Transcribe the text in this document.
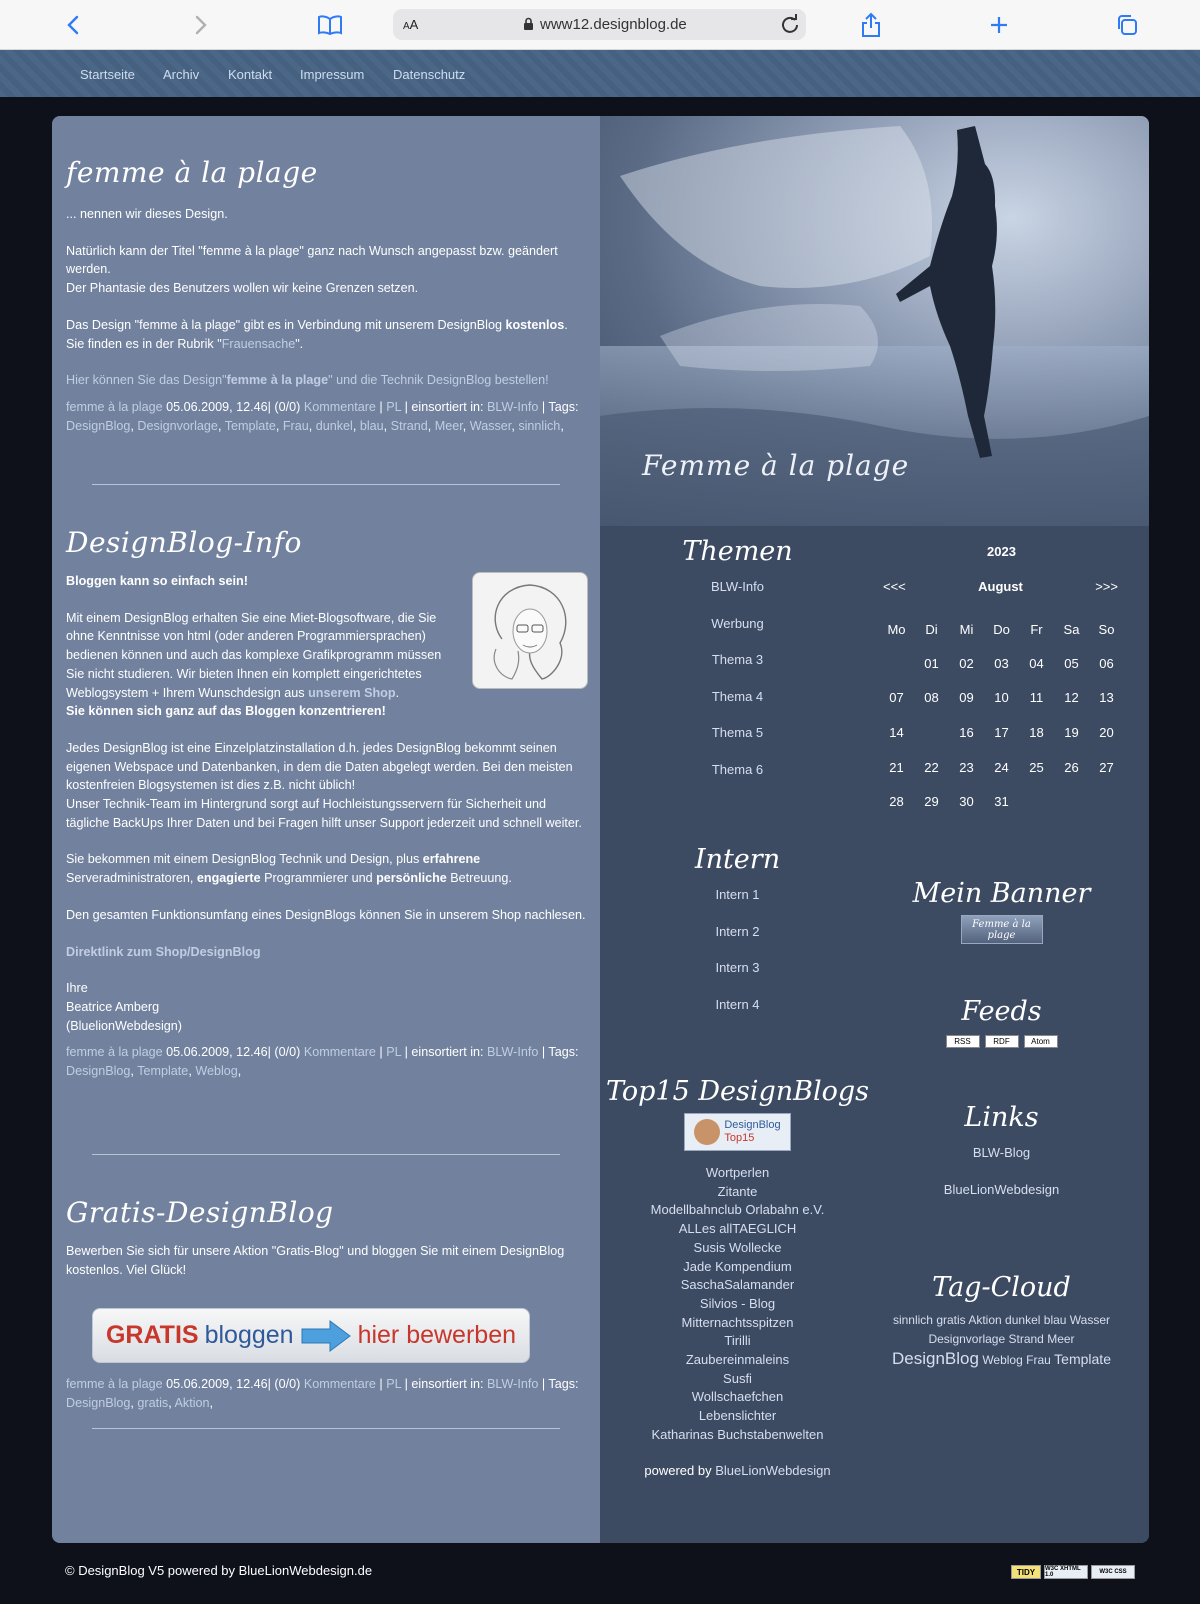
AA	www12.designblog.de
Startseite Archiv Kontakt Impressum Datenschutz
femme à la plage

... nennen wir dieses Design.

Natürlich kann der Titel "femme à la plage" ganz nach Wunsch angepasst bzw. geändert werden.
Der Phantasie des Benutzers wollen wir keine Grenzen setzen.

Das Design "femme à la plage" gibt es in Verbindung mit unserem DesignBlog kostenlos. Sie finden es in der Rubrik "Frauensache".

Hier können Sie das Design"femme à la plage" und die Technik DesignBlog bestellen!

femme à la plage 05.06.2009, 12.46| (0/0) Kommentare | PL | einsortiert in: BLW-Info | Tags: DesignBlog, Designvorlage, Template, Frau, dunkel, blau, Strand, Meer, Wasser, sinnlich,
DesignBlog-Info

Bloggen kann so einfach sein!

Mit einem DesignBlog erhalten Sie eine Miet-Blogsoftware, die Sie ohne Kenntnisse von html (oder anderen Programmiersprachen) bedienen können und auch das komplexe Grafikprogramm müssen Sie nicht studieren. Wir bieten Ihnen ein komplett eingerichtetes Weblogsystem + Ihrem Wunschdesign aus unserem Shop.
Sie können sich ganz auf das Bloggen konzentrieren!

Jedes DesignBlog ist eine Einzelplatzinstallation d.h. jedes DesignBlog bekommt seinen eigenen Webspace und Datenbanken, in dem die Daten abgelegt werden. Bei den meisten kostenfreien Blogsystemen ist dies z.B. nicht üblich!
Unser Technik-Team im Hintergrund sorgt auf Hochleistungsservern für Sicherheit und tägliche BackUps Ihrer Daten und bei Fragen hilft unser Support jederzeit und schnell weiter.

Sie bekommen mit einem DesignBlog Technik und Design, plus erfahrene Serveradministratoren, engagierte Programmierer und persönliche Betreuung.

Den gesamten Funktionsumfang eines DesignBlogs können Sie in unserem Shop nachlesen.

Direktlink zum Shop/DesignBlog

Ihre
Beatrice Amberg
(BluelionWebdesign)

femme à la plage 05.06.2009, 12.46| (0/0) Kommentare | PL | einsortiert in: BLW-Info | Tags: DesignBlog, Template, Weblog,
Gratis-DesignBlog

Bewerben Sie sich für unsere Aktion "Gratis-Blog" und bloggen Sie mit einem DesignBlog kostenlos. Viel Glück!

GRATIS bloggen	hier bewerben
femme à la plage 05.06.2009, 12.46| (0/0) Kommentare | PL | einsortiert in: BLW-Info | Tags: DesignBlog, gratis, Aktion,
Femme à la plage
Themen
BLW-Info
Werbung
Thema 3
Thema 4
Thema 5
Thema 6
Intern
Intern 1
Intern 2
Intern 3
Intern 4
Top15 DesignBlogs
DesignBlog
Top15
Wortperlen
Zitante
Modellbahnclub Orlabahn e.V.
ALLes allTAEGLICH
Susis Wollecke
Jade Kompendium
SaschaSalamander
Silvios - Blog
Mitternachtsspitzen
Tirilli
Zaubereinmaleins
Susfi
Wollschaefchen
Lebenslichter
Katharinas Buchstabenwelten
powered by BlueLionWebdesign
2023
<<<	August	>>>
Mo	Di	Mi	Do	Fr	Sa	So
	01	02	03	04	05	06
07	08	09	10	11	12	13
14		16	17	18	19	20
21	22	23	24	25	26	27
28	29	30	31			
Mein Banner
Femme à la plage
Feeds
RSS	RDF	Atom
Links
BLW-Blog
BlueLionWebdesign
Tag-Cloud
sinnlich gratis Aktion dunkel blau Wasser
Designvorlage Strand Meer
DesignBlog Weblog Frau Template
© DesignBlog V5 powered by BlueLionWebdesign.de	TIDY	W3C XHTML 1.0	W3C CSS
